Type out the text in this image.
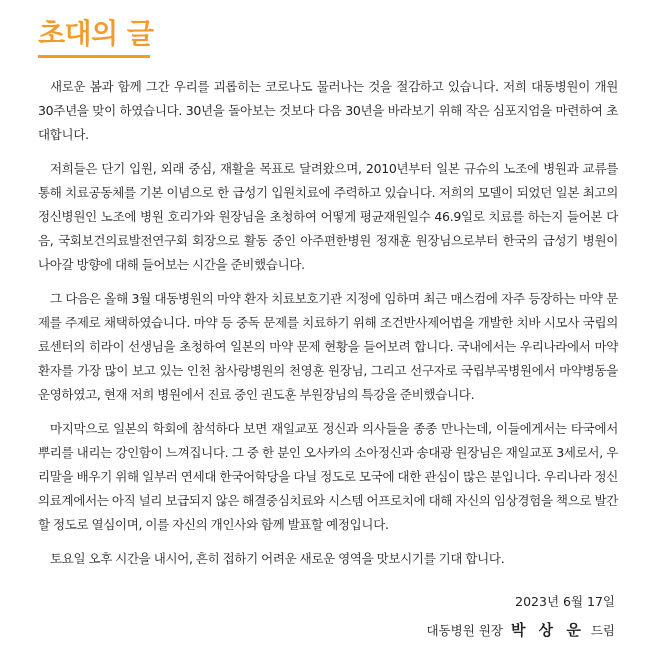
초대의 글

새로운 봄과 함께 그간 우리를 괴롭히는 코로나도 물러나는 것을 절감하고 있습니다. 저희 대동병원이 개원 30주년을 맞이 하였습니다. 30년을 돌아보는 것보다 다음 30년을 바라보기 위해 작은 심포지엄을 마련하여 초대합니다.

저희들은 단기 입원, 외래 중심, 재활을 목표로 달려왔으며, 2010년부터 일본 규슈의 노조에 병원과 교류를 통해 치료공동체를 기본 이념으로 한 급성기 입원치료에 주력하고 있습니다. 저희의 모델이 되었던 일본 최고의 정신병원인 노조에 병원 호리가와 원장님을 초청하여 어떻게 평균재원일수 46.9일로 치료를 하는지 들어본 다음, 국회보건의료발전연구회 회장으로 활동 중인 아주편한병원 정재훈 원장님으로부터 한국의 급성기 병원이 나아갈 방향에 대해 들어보는 시간을 준비했습니다.

그 다음은 올해 3월 대동병원의 마약 환자 치료보호기관 지정에 임하며 최근 매스컴에 자주 등장하는 마약 문제를 주제로 채택하였습니다. 마약 등 중독 문제를 치료하기 위해 조건반사제어법을 개발한 치바 시모사 국립의료센터의 히라이 선생님을 초청하여 일본의 마약 문제 현황을 들어보려 합니다. 국내에서는 우리나라에서 마약 환자를 가장 많이 보고 있는 인천 참사랑병원의 천영훈 원장님, 그리고 선구자로 국립부곡병원에서 마약병동을 운영하였고, 현재 저희 병원에서 진료 중인 권도훈 부원장님의 특강을 준비했습니다.

마지막으로 일본의 학회에 참석하다 보면 재일교포 정신과 의사들을 종종 만나는데, 이들에게서는 타국에서 뿌리를 내리는 강인함이 느껴집니다. 그 중 한 분인 오사카의 소아정신과 송대광 원장님은 재일교포 3세로서, 우리말을 배우기 위해 일부러 연세대 한국어학당을 다닐 정도로 모국에 대한 관심이 많은 분입니다. 우리나라 정신의료계에서는 아직 널리 보급되지 않은 해결중심치료와 시스템 어프로치에 대해 자신의 임상경험을 책으로 발간할 정도로 열심이며, 이를 자신의 개인사와 함께 발표할 예정입니다.

토요일 오후 시간을 내시어, 흔히 접하기 어려운 새로운 영역을 맛보시기를 기대 합니다.

2023년 6월 17일
대동병원 원장 박 상 운 드림
